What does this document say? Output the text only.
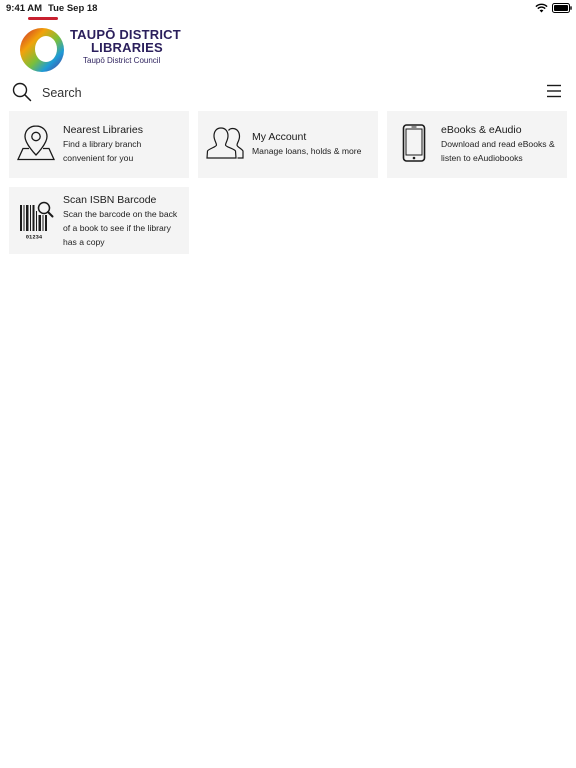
9:41 AM Tue Sep 18
TAUPŌ DISTRICT
LIBRARIES
Taupō District Council
Search
Nearest Libraries
Find a library branch
convenient for you
My Account
Manage loans, holds & more
eBooks & eAudio
Download and read eBooks &
listen to eAudiobooks
01234
Scan ISBN Barcode
Scan the barcode on the back
of a book to see if the library
has a copy
